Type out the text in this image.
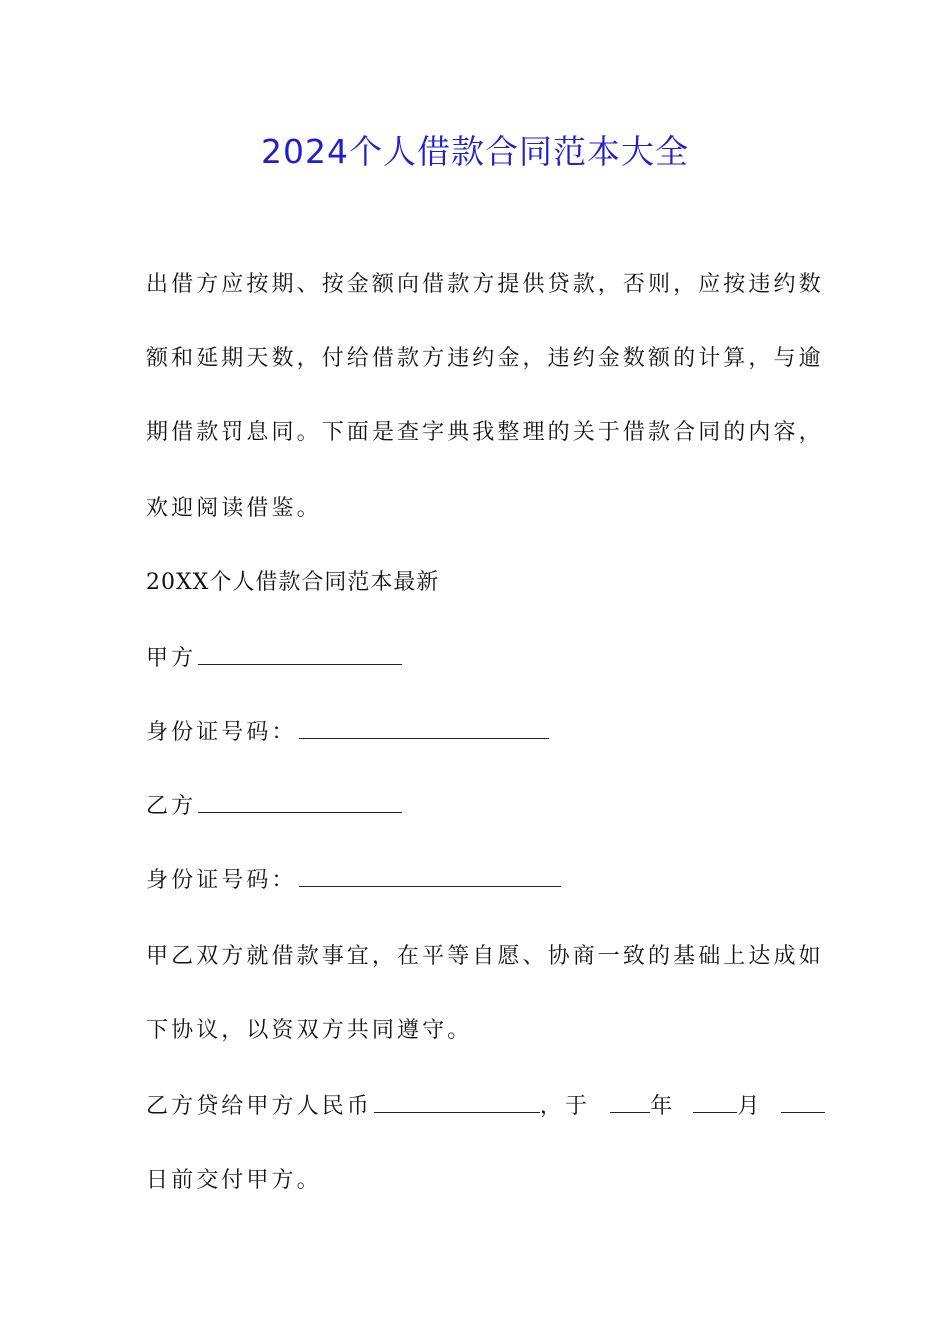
2024个人借款合同范本大全
出借方应按期、按金额向借款方提供贷款，否则，应按违约数
额和延期天数，付给借款方违约金，违约金数额的计算，与逾
期借款罚息同。下面是查字典我整理的关于借款合同的内容，
欢迎阅读借鉴。
20XX个人借款合同范本最新
甲方
身份证号码：
乙方
身份证号码：
甲乙双方就借款事宜，在平等自愿、协商一致的基础上达成如
下协议，以资双方共同遵守。
乙方贷给甲方人民币	，于	年	月
日前交付甲方。
